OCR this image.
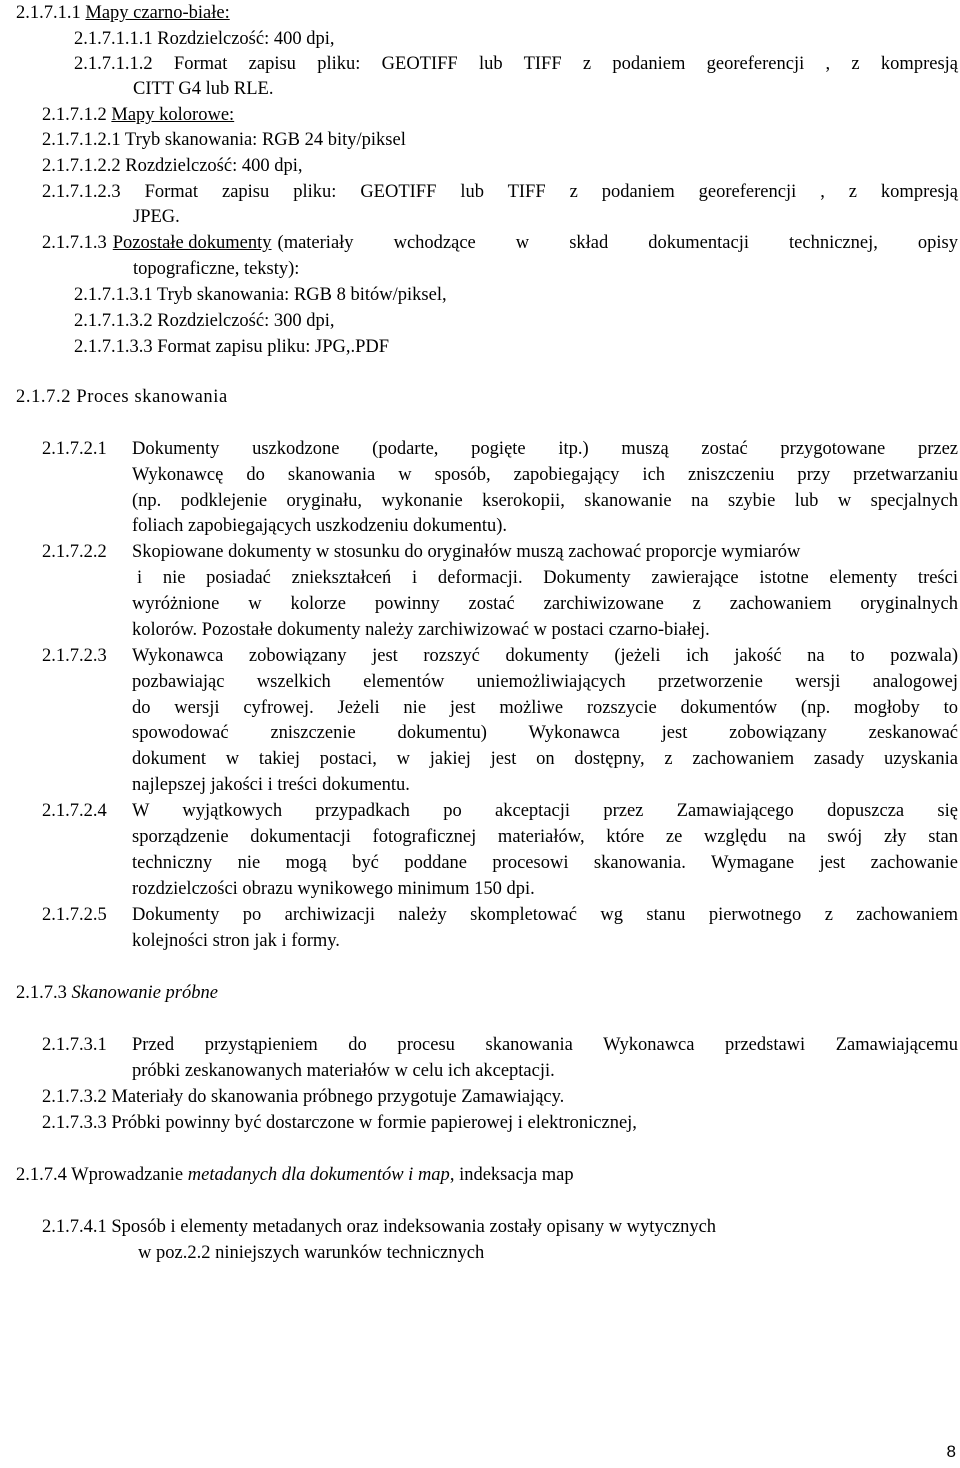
2.1.7.1.1 Mapy czarno-białe:
2.1.7.1.1.1 Rozdzielczość: 400 dpi,
2.1.7.1.1.2 Format zapisu pliku: GEOTIFF lub TIFF z podaniem georeferencji , z kompresją
CITT G4 lub RLE.
2.1.7.1.2 Mapy kolorowe:
2.1.7.1.2.1 Tryb skanowania: RGB 24 bity/piksel
2.1.7.1.2.2 Rozdzielczość: 400 dpi,
2.1.7.1.2.3 Format zapisu pliku: GEOTIFF lub TIFF z podaniem georeferencji , z kompresją
JPEG.
2.1.7.1.3 Pozostałe dokumenty (materiały wchodzące w skład dokumentacji technicznej, opisy
topograficzne, teksty):
2.1.7.1.3.1 Tryb skanowania: RGB 8 bitów/piksel,
2.1.7.1.3.2 Rozdzielczość: 300 dpi,
2.1.7.1.3.3 Format zapisu pliku: JPG,.PDF
2.1.7.2 Proces skanowania
2.1.7.2.1 Dokumenty uszkodzone (podarte, pogięte itp.) muszą zostać przygotowane przez
Wykonawcę do skanowania w sposób, zapobiegający ich zniszczeniu przy przetwarzaniu
(np. podklejenie oryginału, wykonanie kserokopii, skanowanie na szybie lub w specjalnych
foliach zapobiegających uszkodzeniu dokumentu).
2.1.7.2.2 Skopiowane dokumenty w stosunku do oryginałów muszą zachować proporcje wymiarów
i nie posiadać zniekształceń i deformacji. Dokumenty zawierające istotne elementy treści
wyróżnione w kolorze powinny zostać zarchiwizowane z zachowaniem oryginalnych
kolorów. Pozostałe dokumenty należy zarchiwizować w postaci czarno-białej.
2.1.7.2.3 Wykonawca zobowiązany jest rozszyć dokumenty (jeżeli ich jakość na to pozwala)
pozbawiając wszelkich elementów uniemożliwiających przetworzenie wersji analogowej
do wersji cyfrowej. Jeżeli nie jest możliwe rozszycie dokumentów (np. mogłoby to
spowodować zniszczenie dokumentu) Wykonawca jest zobowiązany zeskanować
dokument w takiej postaci, w jakiej jest on dostępny, z zachowaniem zasady uzyskania
najlepszej jakości i treści dokumentu.
2.1.7.2.4 W wyjątkowych przypadkach po akceptacji przez Zamawiającego dopuszcza się
sporządzenie dokumentacji fotograficznej materiałów, które ze względu na swój zły stan
techniczny nie mogą być poddane procesowi skanowania. Wymagane jest zachowanie
rozdzielczości obrazu wynikowego minimum 150 dpi.
2.1.7.2.5 Dokumenty po archiwizacji należy skompletować wg stanu pierwotnego z zachowaniem
kolejności stron jak i formy.
2.1.7.3 Skanowanie próbne
2.1.7.3.1 Przed przystąpieniem do procesu skanowania Wykonawca przedstawi Zamawiającemu
próbki zeskanowanych materiałów w celu ich akceptacji.
2.1.7.3.2 Materiały do skanowania próbnego przygotuje Zamawiający.
2.1.7.3.3 Próbki powinny być dostarczone w formie papierowej i elektronicznej,
2.1.7.4 Wprowadzanie metadanych dla dokumentów i map, indeksacja map
2.1.7.4.1 Sposób i elementy metadanych oraz indeksowania zostały opisany w wytycznych
w poz.2.2 niniejszych warunków technicznych
8
